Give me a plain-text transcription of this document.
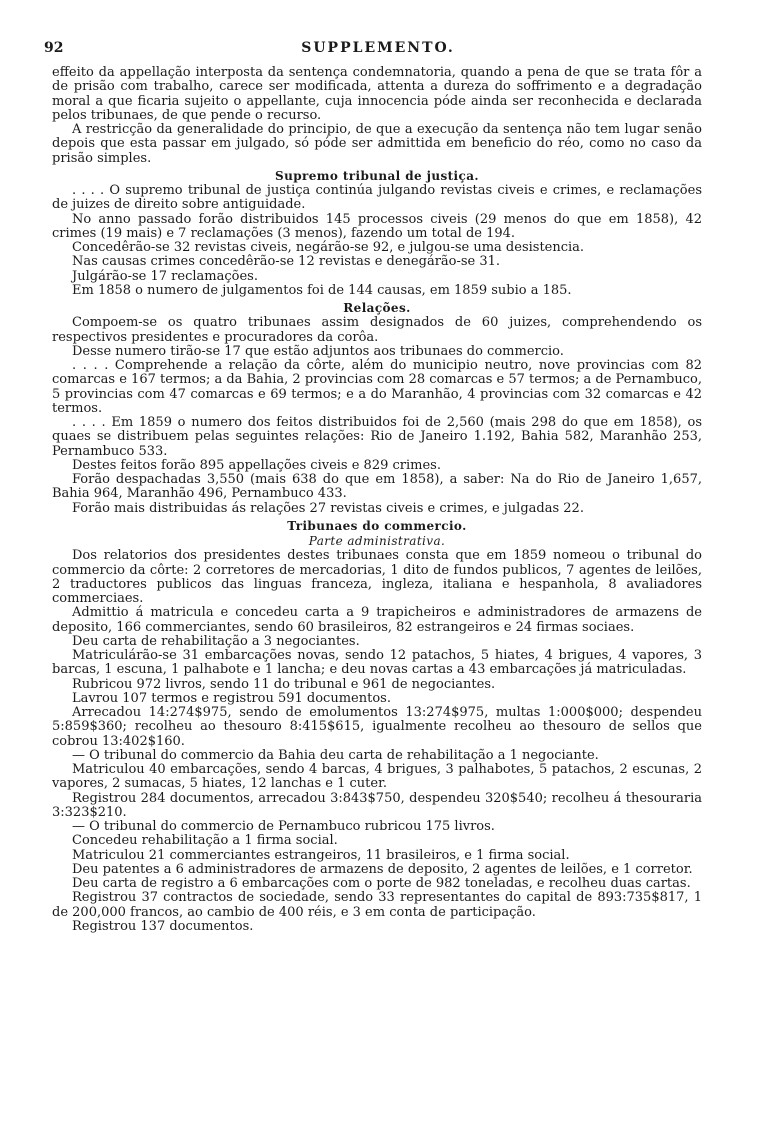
92	SUPPLEMENTO.

effeito da appellação interposta da sentença condemnatoria, quando a pena de que se trata fôr a de prisão com trabalho, carece ser modificada, attenta a dureza do soffrimento e a degradação moral a que ficaria sujeito o appellante, cuja innocencia póde ainda ser reconhecida e declarada pelos tribunaes, de que pende o recurso.

A restricção da generalidade do principio, de que a execução da sentença não tem lugar senão depois que esta passar em julgado, só póde ser admittida em beneficio do réo, como no caso da prisão simples.

Supremo tribunal de justiça.

. . . . O supremo tribunal de justiça continúa julgando revistas civeis e crimes, e reclamações de juizes de direito sobre antiguidade.

No anno passado forão distribuidos 145 processos civeis (29 menos do que em 1858), 42 crimes (19 mais) e 7 reclamações (3 menos), fazendo um total de 194.

Concedêrão-se 32 revistas civeis, negárão-se 92, e julgou-se uma desistencia.

Nas causas crimes concedêrão-se 12 revistas e denegárão-se 31.

Julgárão-se 17 reclamações.

Em 1858 o numero de julgamentos foi de 144 causas, em 1859 subio a 185.

Relações.

Compoem-se os quatro tribunaes assim designados de 60 juizes, comprehendendo os respectivos presidentes e procuradores da corôa.

Desse numero tirão-se 17 que estão adjuntos aos tribunaes do commercio.

. . . . Comprehende a relação da côrte, além do municipio neutro, nove provincias com 82 comarcas e 167 termos; a da Bahia, 2 provincias com 28 comarcas e 57 termos; a de Pernambuco, 5 provincias com 47 comarcas e 69 termos; e a do Maranhão, 4 provincias com 32 comarcas e 42 termos.

. . . . Em 1859 o numero dos feitos distribuidos foi de 2,560 (mais 298 do que em 1858), os quaes se distribuem pelas seguintes relações: Rio de Janeiro 1.192, Bahia 582, Maranhão 253, Pernambuco 533.

Destes feitos forão 895 appellações civeis e 829 crimes.

Forão despachadas 3,550 (mais 638 do que em 1858), a saber: Na do Rio de Janeiro 1,657, Bahia 964, Maranhão 496, Pernambuco 433.

Forão mais distribuidas ás relações 27 revistas civeis e crimes, e julgadas 22.

Tribunaes do commercio.
Parte administrativa.

Dos relatorios dos presidentes destes tribunaes consta que em 1859 nomeou o tribunal do commercio da côrte: 2 corretores de mercadorias, 1 dito de fundos publicos, 7 agentes de leilões, 2 traductores publicos das linguas franceza, ingleza, italiana e hespanhola, 8 avaliadores commerciaes.

Admittio á matricula e concedeu carta a 9 trapicheiros e administradores de armazens de deposito, 166 commerciantes, sendo 60 brasileiros, 82 estrangeiros e 24 firmas sociaes.

Deu carta de rehabilitação a 3 negociantes.

Matriculárão-se 31 embarcações novas, sendo 12 patachos, 5 hiates, 4 brigues, 4 vapores, 3 barcas, 1 escuna, 1 palhabote e 1 lancha; e deu novas cartas a 43 embarcações já matriculadas.

Rubricou 972 livros, sendo 11 do tribunal e 961 de negociantes.

Lavrou 107 termos e registrou 591 documentos.

Arrecadou 14:274$975, sendo de emolumentos 13:274$975, multas 1:000$000; despendeu 5:859$360; recolheu ao thesouro 8:415$615, igualmente recolheu ao thesouro de sellos que cobrou 13:402$160.

— O tribunal do commercio da Bahia deu carta de rehabilitação a 1 negociante.

Matriculou 40 embarcações, sendo 4 barcas, 4 brigues, 3 palhabotes, 5 patachos, 2 escunas, 2 vapores, 2 sumacas, 5 hiates, 12 lanchas e 1 cuter.

Registrou 284 documentos, arrecadou 3:843$750, despendeu 320$540; recolheu á thesouraria 3:323$210.

— O tribunal do commercio de Pernambuco rubricou 175 livros.

Concedeu rehabilitação a 1 firma social.

Matriculou 21 commerciantes estrangeiros, 11 brasileiros, e 1 firma social.

Deu patentes a 6 administradores de armazens de deposito, 2 agentes de leilões, e 1 corretor.

Deu carta de registro a 6 embarcações com o porte de 982 toneladas, e recolheu duas cartas.

Registrou 37 contractos de sociedade, sendo 33 representantes do capital de 893:735$817, 1 de 200,000 francos, ao cambio de 400 réis, e 3 em conta de participação.

Registrou 137 documentos.
